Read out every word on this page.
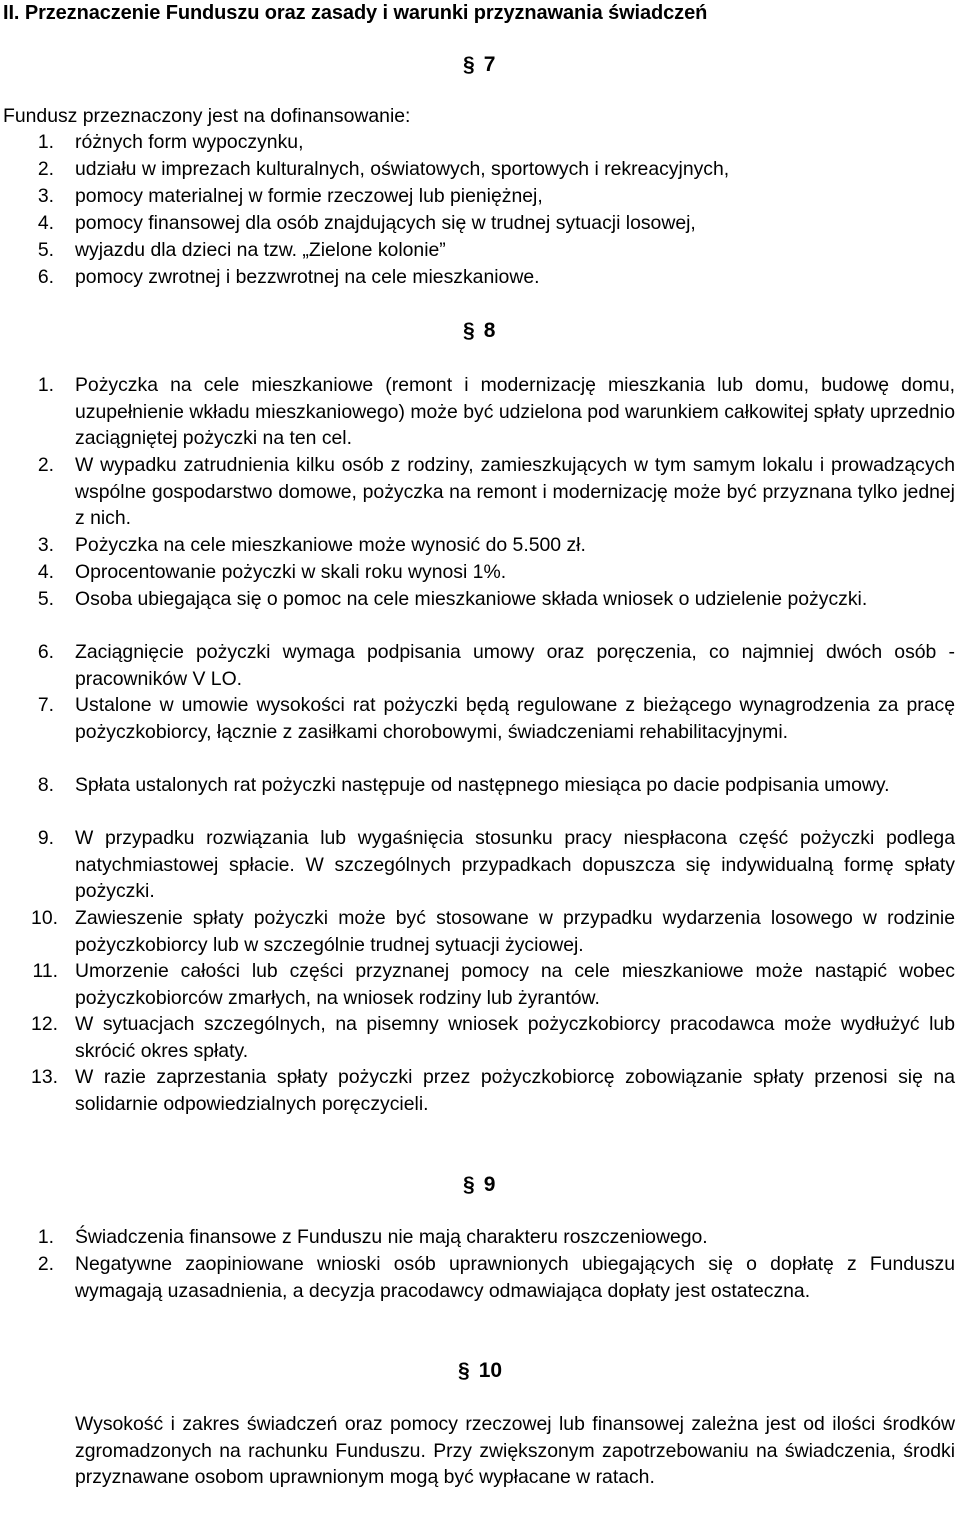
II. Przeznaczenie Funduszu oraz zasady i warunki przyznawania świadczeń
§ 7
Fundusz przeznaczony jest na dofinansowanie:
1. różnych form wypoczynku,
2. udziału w imprezach kulturalnych, oświatowych, sportowych i rekreacyjnych,
3. pomocy materialnej w formie rzeczowej lub pieniężnej,
4. pomocy finansowej dla osób znajdujących się w trudnej sytuacji losowej,
5. wyjazdu dla dzieci na tzw. „Zielone kolonie”
6. pomocy zwrotnej i bezzwrotnej na cele mieszkaniowe.
§ 8
1. Pożyczka na cele mieszkaniowe (remont i modernizację mieszkania lub domu, budowę domu, uzupełnienie wkładu mieszkaniowego) może być udzielona pod warunkiem całkowitej spłaty uprzednio zaciągniętej pożyczki na ten cel.
2. W wypadku zatrudnienia kilku osób z rodziny, zamieszkujących w tym samym lokalu i prowadzących wspólne gospodarstwo domowe, pożyczka na remont i modernizację może być przyznana tylko jednej z nich.
3. Pożyczka na cele mieszkaniowe może wynosić do 5.500 zł.
4. Oprocentowanie pożyczki w skali roku wynosi 1%.
5. Osoba ubiegająca się o pomoc na cele mieszkaniowe składa wniosek o udzielenie pożyczki.
6. Zaciągnięcie pożyczki wymaga podpisania umowy oraz poręczenia, co najmniej dwóch osób - pracowników V LO.
7. Ustalone w umowie wysokości rat pożyczki będą regulowane z bieżącego wynagrodzenia za pracę pożyczkobiorcy, łącznie z zasiłkami chorobowymi, świadczeniami rehabilitacyjnymi.
8. Spłata ustalonych rat pożyczki następuje od następnego miesiąca po dacie podpisania umowy.
9. W przypadku rozwiązania lub wygaśnięcia stosunku pracy niespłacona część pożyczki podlega natychmiastowej spłacie. W szczególnych przypadkach dopuszcza się indywidualną formę spłaty pożyczki.
10. Zawieszenie spłaty pożyczki może być stosowane w przypadku wydarzenia losowego w rodzinie pożyczkobiorcy lub w szczególnie trudnej sytuacji życiowej.
11. Umorzenie całości lub części przyznanej pomocy na cele mieszkaniowe może nastąpić wobec pożyczkobiorców zmarłych, na wniosek rodziny lub żyrantów.
12. W sytuacjach szczególnych, na pisemny wniosek pożyczkobiorcy pracodawca może wydłużyć lub skrócić okres spłaty.
13. W razie zaprzestania spłaty pożyczki przez pożyczkobiorcę zobowiązanie spłaty przenosi się na solidarnie odpowiedzialnych poręczycieli.
§ 9
1. Świadczenia finansowe z Funduszu nie mają charakteru roszczeniowego.
2. Negatywne zaopiniowane wnioski osób uprawnionych ubiegających się o dopłatę z Funduszu wymagają uzasadnienia, a decyzja pracodawcy odmawiająca dopłaty jest ostateczna.
§ 10
Wysokość i zakres świadczeń oraz pomocy rzeczowej lub finansowej zależna jest od ilości środków zgromadzonych na rachunku Funduszu. Przy zwiększonym zapotrzebowaniu na świadczenia, środki przyznawane osobom uprawnionym mogą być wypłacane w ratach.
